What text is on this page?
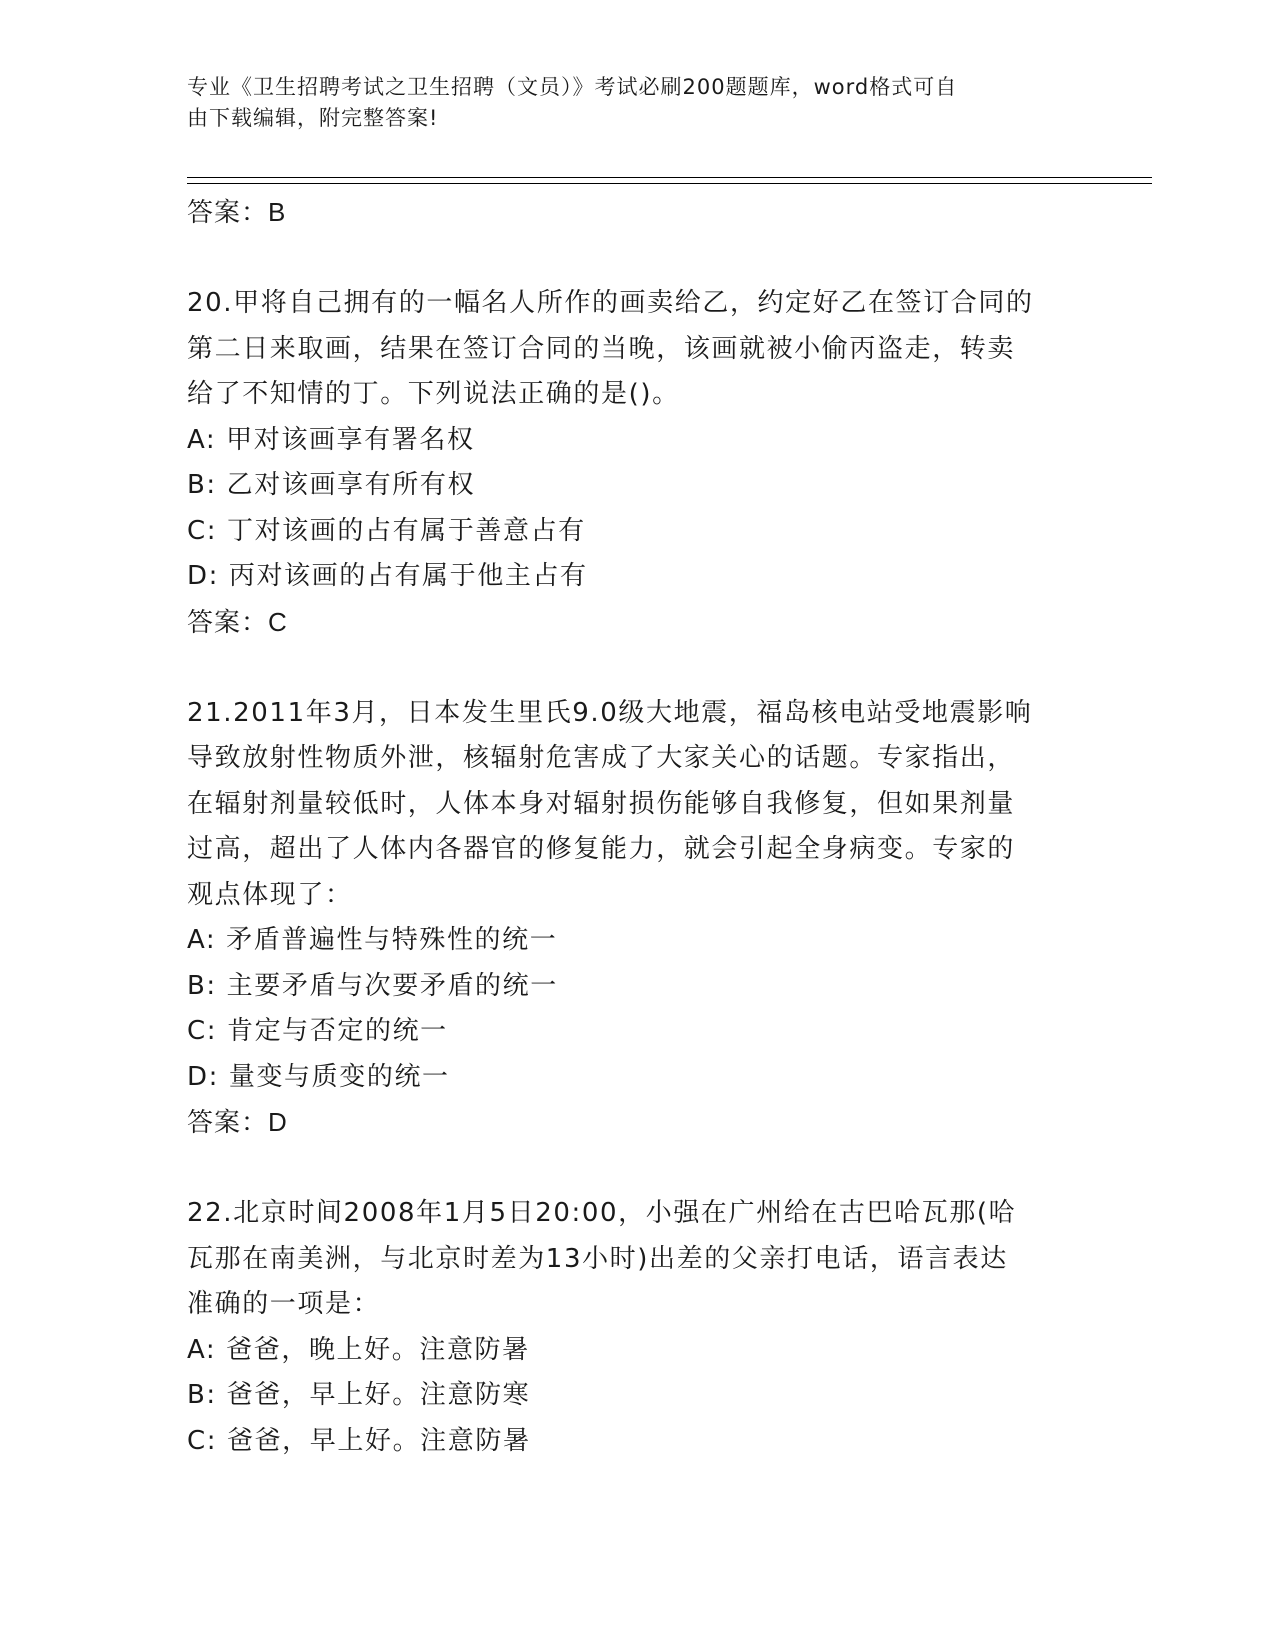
专业《卫生招聘考试之卫生招聘（文员）》考试必刷200题题库，word格式可自
由下载编辑，附完整答案!
答案：B
20.甲将自己拥有的一幅名人所作的画卖给乙，约定好乙在签订合同的
第二日来取画，结果在签订合同的当晚，该画就被小偷丙盗走，转卖
给了不知情的丁。下列说法正确的是()。
A: 甲对该画享有署名权
B: 乙对该画享有所有权
C: 丁对该画的占有属于善意占有
D: 丙对该画的占有属于他主占有
答案：C
21.2011年3月，日本发生里氏9.0级大地震，福岛核电站受地震影响
导致放射性物质外泄，核辐射危害成了大家关心的话题。专家指出，
在辐射剂量较低时，人体本身对辐射损伤能够自我修复，但如果剂量
过高，超出了人体内各器官的修复能力，就会引起全身病变。专家的
观点体现了：
A: 矛盾普遍性与特殊性的统一
B: 主要矛盾与次要矛盾的统一
C: 肯定与否定的统一
D: 量变与质变的统一
答案：D
22.北京时间2008年1月5日20:00，小强在广州给在古巴哈瓦那(哈
瓦那在南美洲，与北京时差为13小时)出差的父亲打电话，语言表达
准确的一项是：
A: 爸爸，晚上好。注意防暑
B: 爸爸，早上好。注意防寒
C: 爸爸，早上好。注意防暑
